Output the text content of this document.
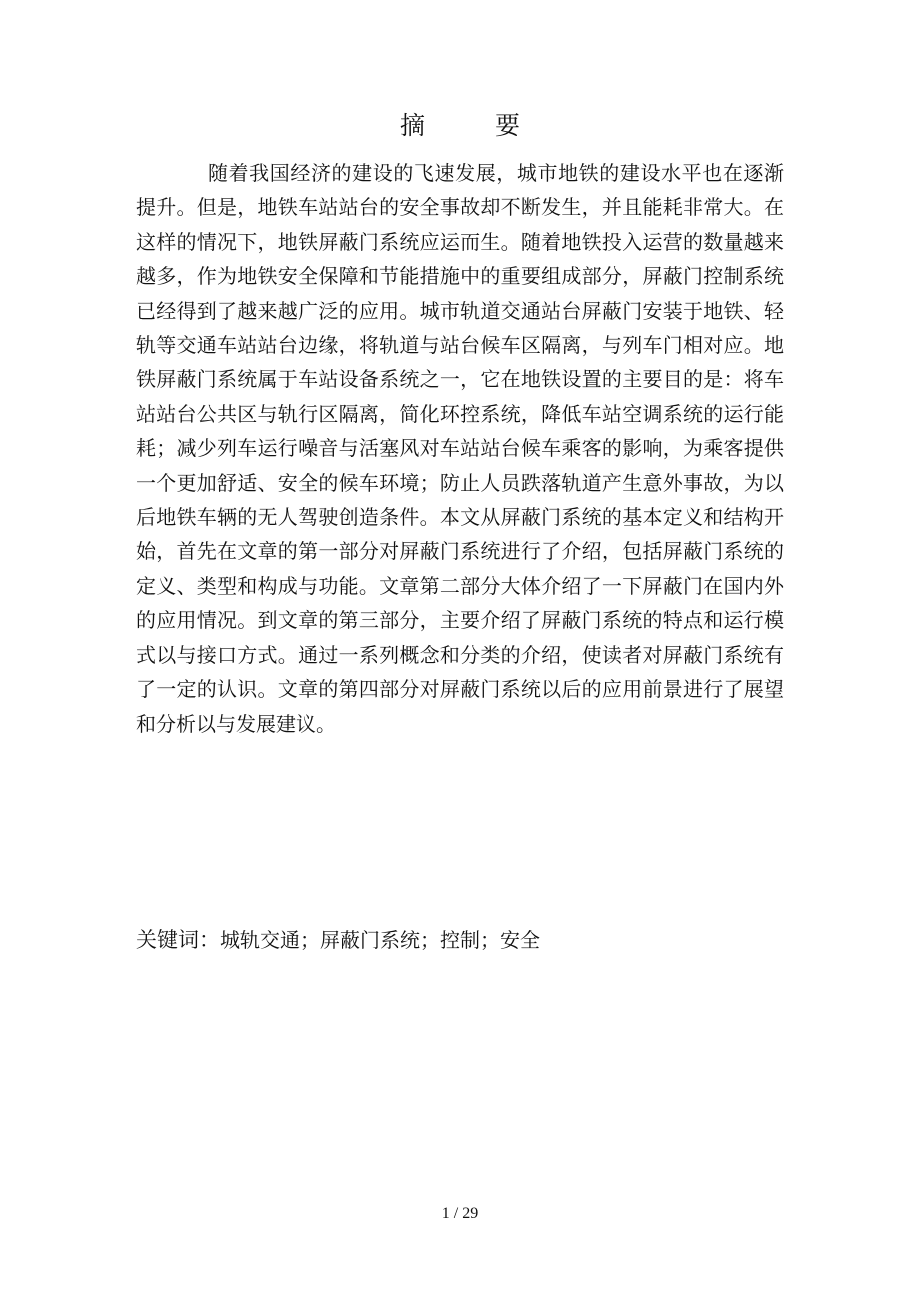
摘	要

随着我国经济的建设的飞速发展，城市地铁的建设水平也在逐渐提升。但是，地铁车站站台的安全事故却不断发生，并且能耗非常大。在这样的情况下，地铁屏蔽门系统应运而生。随着地铁投入运营的数量越来越多，作为地铁安全保障和节能措施中的重要组成部分，屏蔽门控制系统已经得到了越来越广泛的应用。城市轨道交通站台屏蔽门安装于地铁、轻轨等交通车站站台边缘，将轨道与站台候车区隔离，与列车门相对应。地铁屏蔽门系统属于车站设备系统之一，它在地铁设置的主要目的是：将车站站台公共区与轨行区隔离，简化环控系统，降低车站空调系统的运行能耗；减少列车运行噪音与活塞风对车站站台候车乘客的影响，为乘客提供一个更加舒适、安全的候车环境；防止人员跌落轨道产生意外事故，为以后地铁车辆的无人驾驶创造条件。本文从屏蔽门系统的基本定义和结构开始，首先在文章的第一部分对屏蔽门系统进行了介绍，包括屏蔽门系统的定义、类型和构成与功能。文章第二部分大体介绍了一下屏蔽门在国内外的应用情况。到文章的第三部分，主要介绍了屏蔽门系统的特点和运行模式以与接口方式。通过一系列概念和分类的介绍，使读者对屏蔽门系统有了一定的认识。文章的第四部分对屏蔽门系统以后的应用前景进行了展望和分析以与发展建议。

关键词：城轨交通；屏蔽门系统；控制；安全
1 / 29
